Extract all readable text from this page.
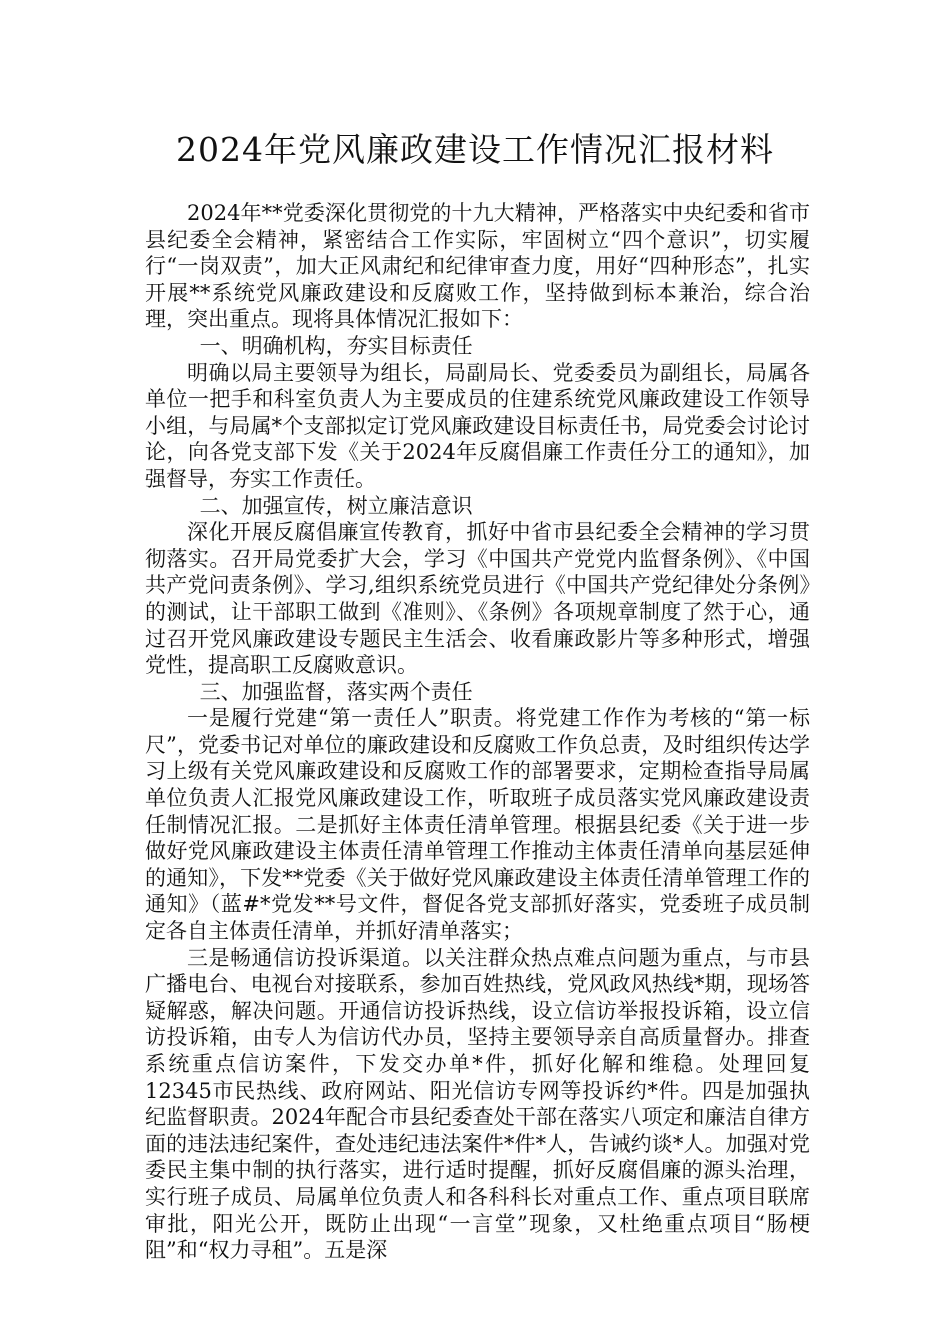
2024年党风廉政建设工作情况汇报材料

2024年**党委深化贯彻党的十九大精神，严格落实中央纪委和省市县纪委全会精神，紧密结合工作实际，牢固树立“四个意识”，切实履行“一岗双责”，加大正风肃纪和纪律审查力度，用好“四种形态”，扎实开展**系统党风廉政建设和反腐败工作，坚持做到标本兼治，综合治理，突出重点。现将具体情况汇报如下：

一、明确机构，夯实目标责任

明确以局主要领导为组长，局副局长、党委委员为副组长，局属各单位一把手和科室负责人为主要成员的住建系统党风廉政建设工作领导小组，与局属*个支部拟定订党风廉政建设目标责任书，局党委会讨论讨论，向各党支部下发《关于2024年反腐倡廉工作责任分工的通知》，加强督导，夯实工作责任。

二、加强宣传，树立廉洁意识

深化开展反腐倡廉宣传教育，抓好中省市县纪委全会精神的学习贯彻落实。召开局党委扩大会，学习《中国共产党党内监督条例》、《中国共产党问责条例》、学习,组织系统党员进行《中国共产党纪律处分条例》的测试，让干部职工做到《准则》、《条例》各项规章制度了然于心，通过召开党风廉政建设专题民主生活会、收看廉政影片等多种形式，增强党性，提高职工反腐败意识。

三、加强监督，落实两个责任

一是履行党建“第一责任人”职责。将党建工作作为考核的“第一标尺”，党委书记对单位的廉政建设和反腐败工作负总责，及时组织传达学习上级有关党风廉政建设和反腐败工作的部署要求，定期检查指导局属单位负责人汇报党风廉政建设工作，听取班子成员落实党风廉政建设责任制情况汇报。二是抓好主体责任清单管理。根据县纪委《关于进一步做好党风廉政建设主体责任清单管理工作推动主体责任清单向基层延伸的通知》，下发**党委《关于做好党风廉政建设主体责任清单管理工作的通知》（蓝#*党发**号文件，督促各党支部抓好落实，党委班子成员制定各自主体责任清单，并抓好清单落实；

三是畅通信访投诉渠道。以关注群众热点难点问题为重点，与市县广播电台、电视台对接联系，参加百姓热线，党风政风热线*期，现场答疑解惑，解决问题。开通信访投诉热线，设立信访举报投诉箱，设立信访投诉箱，由专人为信访代办员，坚持主要领导亲自高质量督办。排查系统重点信访案件，下发交办单*件，抓好化解和维稳。处理回复12345市民热线、政府网站、阳光信访专网等投诉约*件。四是加强执纪监督职责。2024年配合市县纪委查处干部在落实八项定和廉洁自律方面的违法违纪案件，查处违纪违法案件*件*人，告诫约谈*人。加强对党委民主集中制的执行落实，进行适时提醒，抓好反腐倡廉的源头治理，实行班子成员、局属单位负责人和各科科长对重点工作、重点项目联席审批，阳光公开，既防止出现“一言堂”现象，又杜绝重点项目“肠梗阻”和“权力寻租”。五是深
